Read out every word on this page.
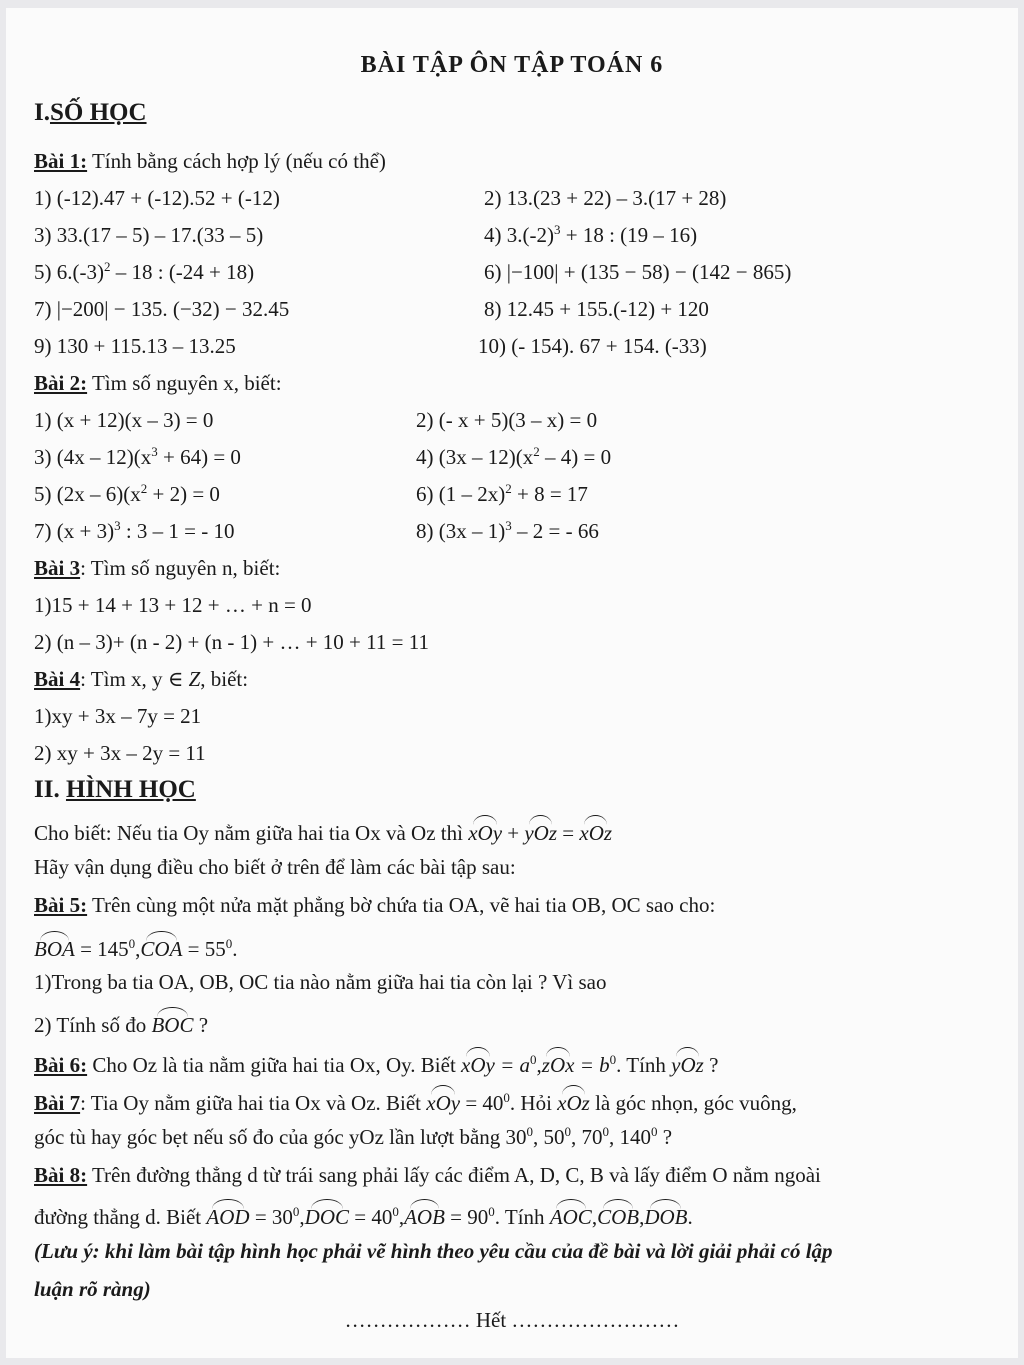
BÀI TẬP ÔN TẬP TOÁN 6
I.SỐ HỌC
Bài 1: Tính bằng cách hợp lý (nếu có thể)
1) (-12).47 + (-12).52 + (-12)	2) 13.(23 + 22) – 3.(17 + 28)
3) 33.(17 – 5) – 17.(33 – 5)	4) $3.(-2)^3 + 18$ : (19 – 16)
5) $6.(-3)^2 - 18$ : (-24 + 18)	6) |−100| + (135 − 58) − (142 − 865)
7) |−200| − 135. (−32) − 32.45	8) 12.45 + 155.(-12) + 120
9) 130 + 115.13 – 13.25	10) (- 154). 67 + 154. (-33)
Bài 2: Tìm số nguyên x, biết:
1) (x + 12)(x – 3) = 0	2) (- x + 5)(3 – x) = 0
3) $(4x - 12)(x^3 + 64) = 0$	4) $(3x - 12)(x^2 - 4) = 0$
5) $(2x - 6)(x^2 + 2) = 0$	6) (1 – 2x)$^2$ + 8 = 17
7) $(x + 3)^3$ : 3 – 1 = - 10	8) (3x – 1)$^3$ – 2 = - 66
Bài 3: Tìm số nguyên n, biết:
1)15 + 14 + 13 + 12 + … + n = 0
2) (n – 3)+ (n - 2) + (n - 1) + … + 10 + 11 = 11
Bài 4: Tìm x, y ∈ Z, biết:
1)xy + 3x – 7y = 21
2) xy + 3x – 2y = 11
II. HÌNH HỌC
Cho biết: Nếu tia Oy nằm giữa hai tia Ox và Oz thì xOy + yOz = xOz
Hãy vận dụng điều cho biết ở trên để làm các bài tập sau:
Bài 5: Trên cùng một nửa mặt phẳng bờ chứa tia OA, vẽ hai tia OB, OC sao cho:
BOA = $145^0,COA = 55^0$.
1)Trong ba tia OA, OB, OC tia nào nằm giữa hai tia còn lại ? Vì sao
2) Tính số đo BOC ?
Bài 6: Cho Oz là tia nằm giữa hai tia Ox, Oy. Biết xOy = $a^0,zOx = b^0$. Tính yOz ?
Bài 7: Tia Oy nằm giữa hai tia Ox và Oz. Biết xOy = $40^0$. Hỏi xOz là góc nhọn, góc vuông,
góc tù hay góc bẹt nếu số đo của góc yOz lần lượt bằng $30^0$, $50^0$, $70^0$, $140^0$ ?
Bài 8: Trên đường thẳng d từ trái sang phải lấy các điểm A, D, C, B và lấy điểm O nằm ngoài
đường thẳng d. Biết AOD = $30^0,DOC = 40^0,AOB = 90^0$. Tính AOC,COB,DOB.
(Lưu ý: khi làm bài tập hình học phải vẽ hình theo yêu cầu của đề bài và lời giải phải có lập
luận rõ ràng)
……………… Hết ……………………
